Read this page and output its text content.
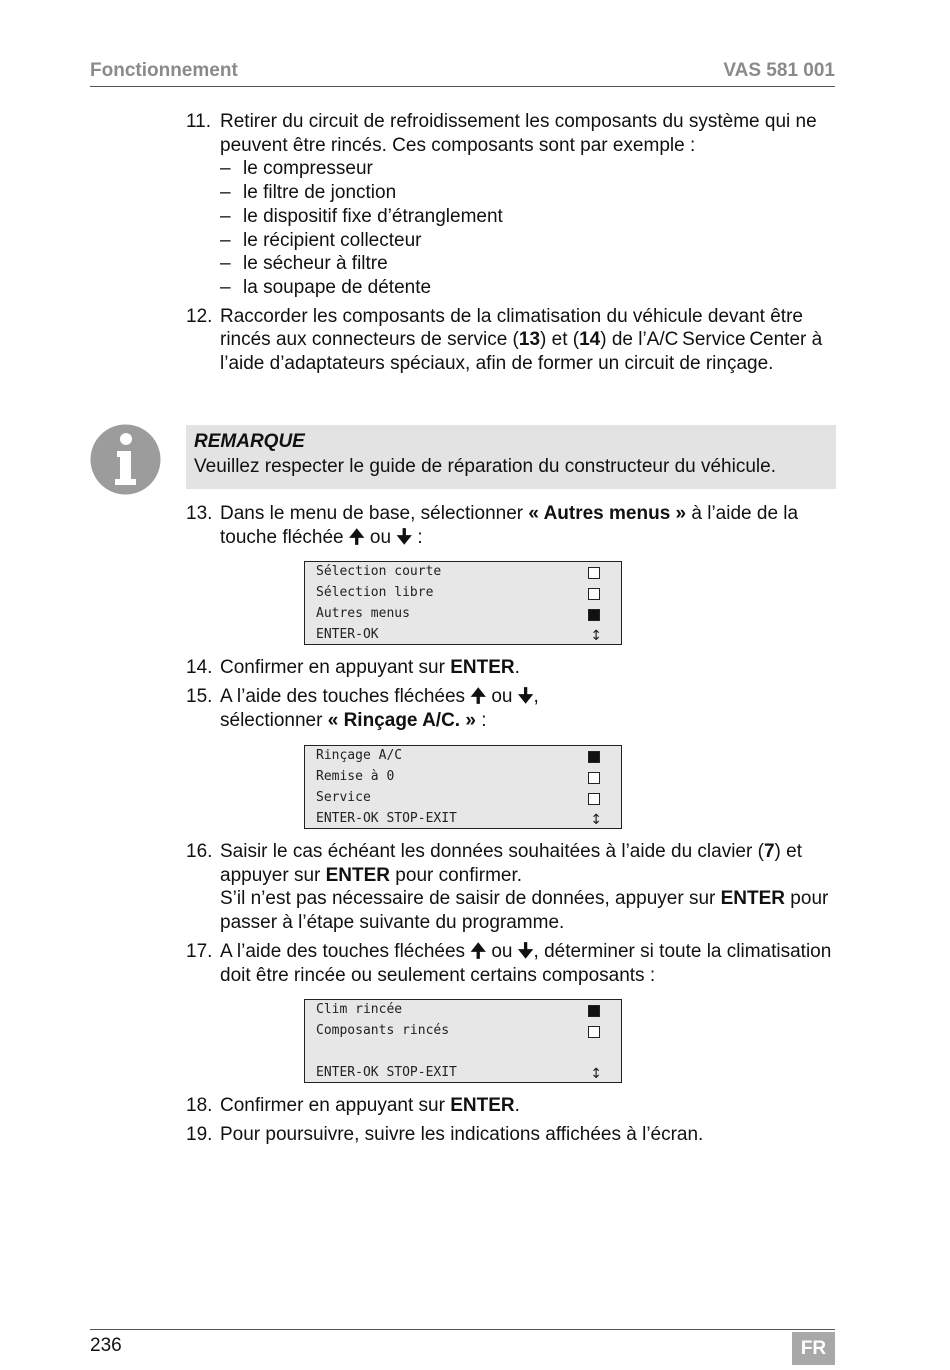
Fonctionnement	VAS 581 001
11. Retirer du circuit de refroidissement les composants du système qui ne peuvent être rincés. Ces composants sont par exemple :
– le compresseur
– le filtre de jonction
– le dispositif fixe d’étranglement
– le récipient collecteur
– le sécheur à filtre
– la soupape de détente
12. Raccorder les composants de la climatisation du véhicule devant être rincés aux connecteurs de service (13) et (14) de l’A/C Service Center à l’aide d’adaptateurs spéciaux, afin de former un circuit de rinçage.
REMARQUE
Veuillez respecter le guide de réparation du constructeur du véhicule.
13. Dans le menu de base, sélectionner « Autres menus » à l’aide de la touche fléchée 🠉 ou 🠋 :
Sélection courte
Sélection libre
Autres menus
ENTER-OK	↕
14. Confirmer en appuyant sur ENTER.
15. A l’aide des touches fléchées 🠉 ou 🠋,
sélectionner « Rinçage A/C. » :
Rinçage A/C
Remise à 0
Service
ENTER-OK STOP-EXIT	↕
16. Saisir le cas échéant les données souhaitées à l’aide du clavier (7) et appuyer sur ENTER pour confirmer.
S’il n’est pas nécessaire de saisir de données, appuyer sur ENTER pour passer à l’étape suivante du programme.
17. A l’aide des touches fléchées 🠉 ou 🠋, déterminer si toute la climatisation doit être rincée ou seulement certains composants :
Clim rincée
Composants rincés
ENTER-OK STOP-EXIT	↕
18. Confirmer en appuyant sur ENTER.
19. Pour poursuivre, suivre les indications affichées à l’écran.
236	FR
